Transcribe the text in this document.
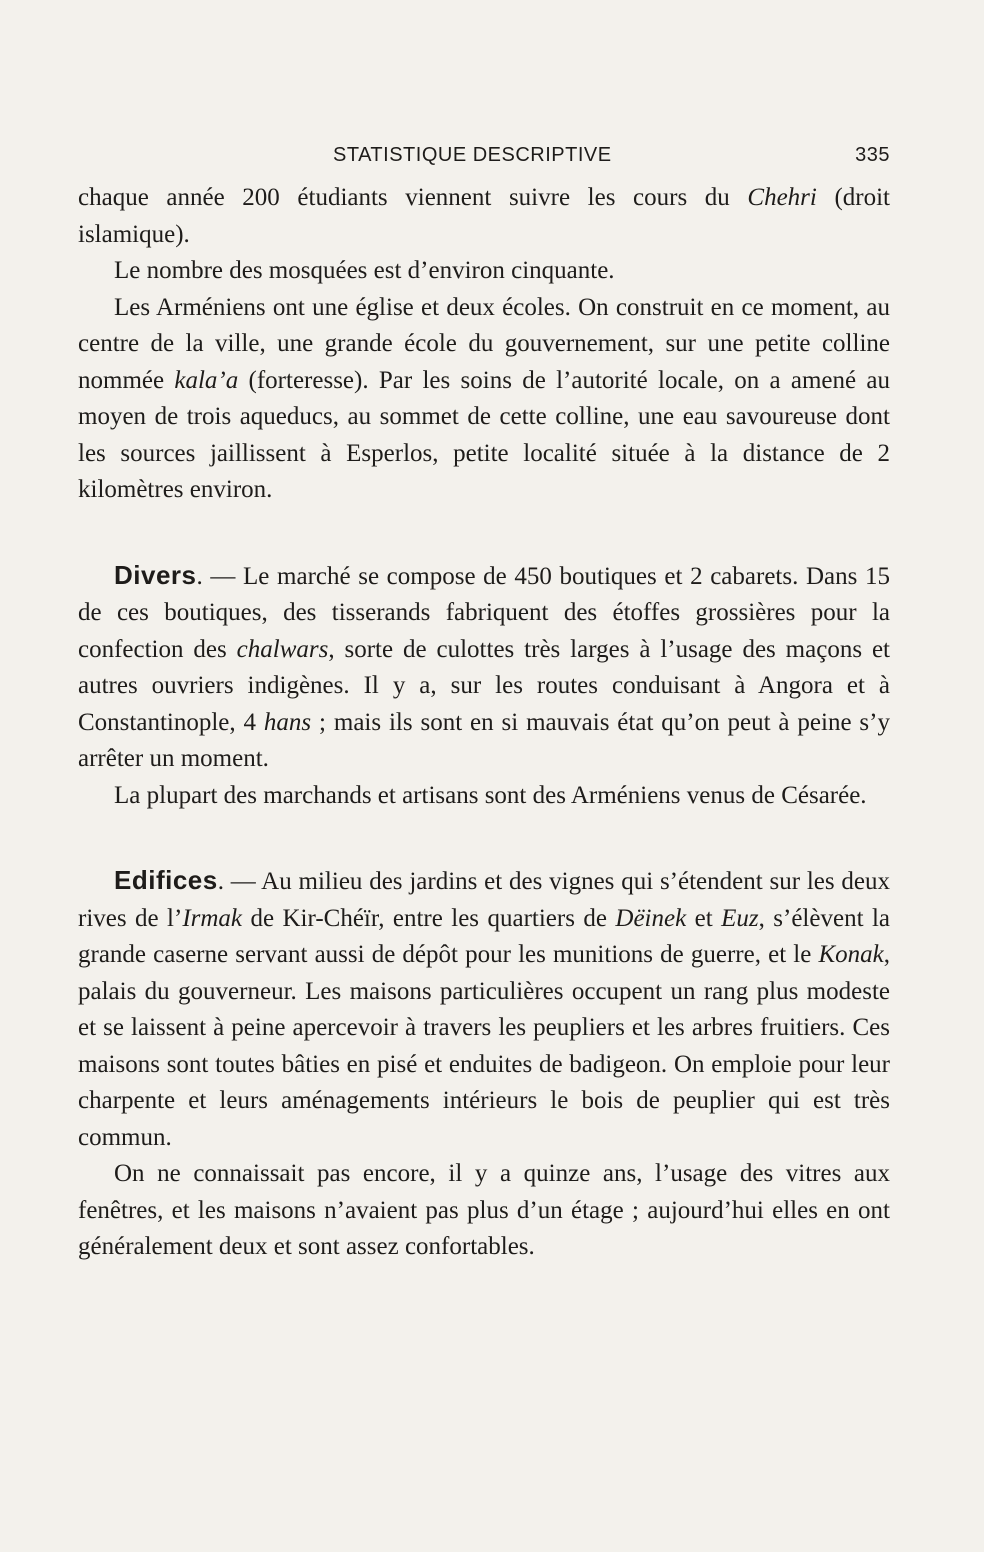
STATISTIQUE DESCRIPTIVE	335

chaque année 200 étudiants viennent suivre les cours du Chehri (droit islamique).

Le nombre des mosquées est d’environ cinquante.

Les Arméniens ont une église et deux écoles. On construit en ce moment, au centre de la ville, une grande école du gouvernement, sur une petite colline nommée kala’a (forteresse). Par les soins de l’autorité locale, on a amené au moyen de trois aqueducs, au sommet de cette colline, une eau savoureuse dont les sources jaillissent à Esperlos, petite localité située à la distance de 2 kilomètres environ.

Divers. — Le marché se compose de 450 boutiques et 2 cabarets. Dans 15 de ces boutiques, des tisserands fabriquent des étoffes grossières pour la confection des chalwars, sorte de culottes très larges à l’usage des maçons et autres ouvriers indigènes. Il y a, sur les routes conduisant à Angora et à Constantinople, 4 hans ; mais ils sont en si mauvais état qu’on peut à peine s’y arrêter un moment.

La plupart des marchands et artisans sont des Arméniens venus de Césarée.

Edifices. — Au milieu des jardins et des vignes qui s’étendent sur les deux rives de l’Irmak de Kir-Chéïr, entre les quartiers de Dëinek et Euz, s’élèvent la grande caserne servant aussi de dépôt pour les munitions de guerre, et le Konak, palais du gouverneur. Les maisons particulières occupent un rang plus modeste et se laissent à peine apercevoir à travers les peupliers et les arbres fruitiers. Ces maisons sont toutes bâties en pisé et enduites de badigeon. On emploie pour leur charpente et leurs aménagements intérieurs le bois de peuplier qui est très commun.

On ne connaissait pas encore, il y a quinze ans, l’usage des vitres aux fenêtres, et les maisons n’avaient pas plus d’un étage ; aujourd’hui elles en ont généralement deux et sont assez confortables.
